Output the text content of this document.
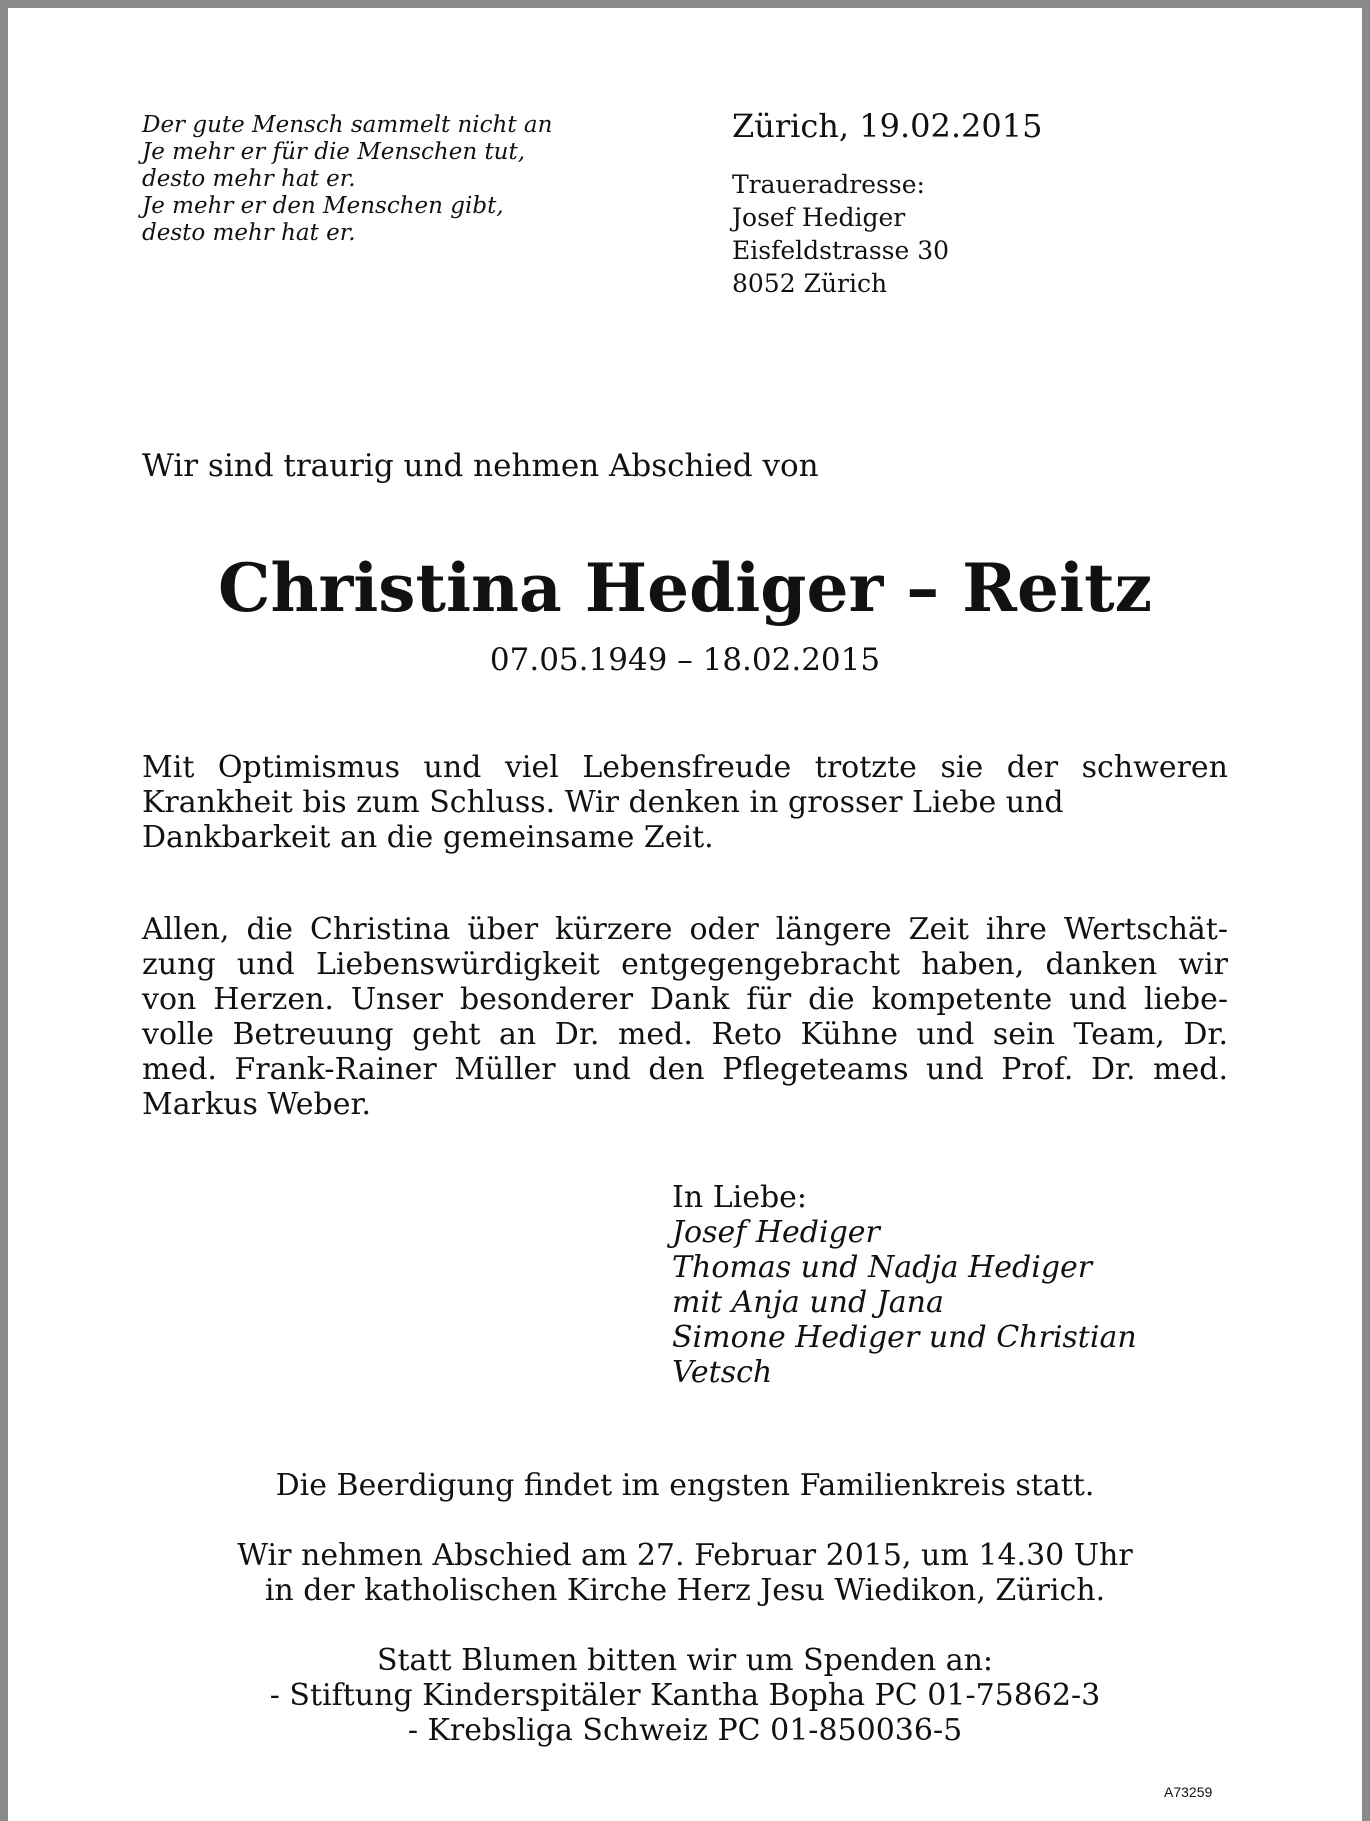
Der gute Mensch sammelt nicht an
Je mehr er für die Menschen tut,
desto mehr hat er.
Je mehr er den Menschen gibt,
desto mehr hat er.
Zürich, 19.02.2015
Traueradresse:
Josef Hediger
Eisfeldstrasse 30
8052 Zürich
Wir sind traurig und nehmen Abschied von
Christina Hediger – Reitz
07.05.1949 – 18.02.2015
Mit Optimismus und viel Lebensfreude trotzte sie der schweren
Krankheit bis zum Schluss. Wir denken in grosser Liebe und
Dankbarkeit an die gemeinsame Zeit.
Allen, die Christina über kürzere oder längere Zeit ihre Wertschät-
zung und Liebenswürdigkeit entgegengebracht haben, danken wir
von Herzen. Unser besonderer Dank für die kompetente und liebe-
volle Betreuung geht an Dr. med. Reto Kühne und sein Team, Dr.
med. Frank-Rainer Müller und den Pflegeteams und Prof. Dr. med.
Markus Weber.
In Liebe:
Josef Hediger
Thomas und Nadja Hediger
mit Anja und Jana
Simone Hediger und Christian
Vetsch
Die Beerdigung findet im engsten Familienkreis statt.
Wir nehmen Abschied am 27. Februar 2015, um 14.30 Uhr
in der katholischen Kirche Herz Jesu Wiedikon, Zürich.
Statt Blumen bitten wir um Spenden an:
- Stiftung Kinderspitäler Kantha Bopha PC 01-75862-3
- Krebsliga Schweiz PC 01-850036-5
A73259
